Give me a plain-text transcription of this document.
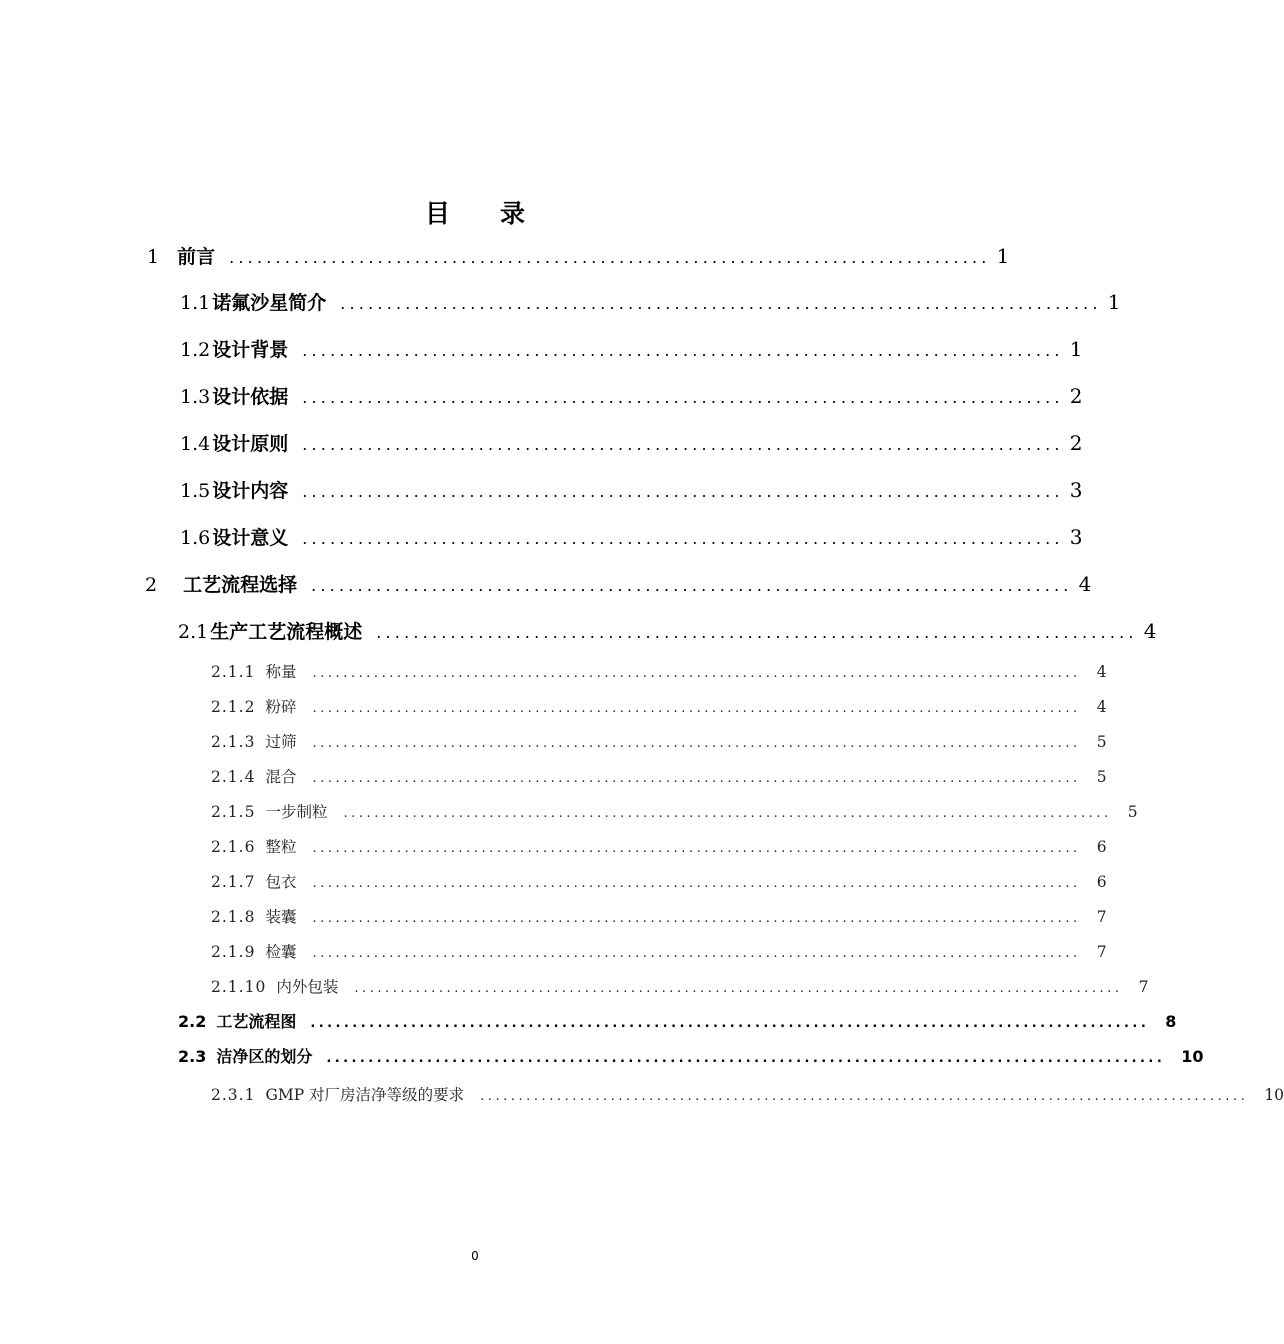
目录
1 前言 .................................................................................. 1
1.1 诺氟沙星简介 .................................................................................. 1
1.2 设计背景 .................................................................................. 1
1.3 设计依据 .................................................................................. 2
1.4 设计原则 .................................................................................. 2
1.5 设计内容 .................................................................................. 3
1.6 设计意义 .................................................................................. 3
2 工艺流程选择 .................................................................................. 4
2.1 生产工艺流程概述 .................................................................................. 4
2.1.1 称量 .................................................................................................... 4
2.1.2 粉碎 .................................................................................................... 4
2.1.3 过筛 .................................................................................................... 5
2.1.4 混合 .................................................................................................... 5
2.1.5 一步制粒 .................................................................................................... 5
2.1.6 整粒 .................................................................................................... 6
2.1.7 包衣 .................................................................................................... 6
2.1.8 装囊 .................................................................................................... 7
2.1.9 检囊 .................................................................................................... 7
2.1.10 内外包装 .................................................................................................... 7
2.2 工艺流程图 .................................................................................................... 8
2.3 洁净区的划分 .................................................................................................... 10
2.3.1 GMP 对厂房洁净等级的要求 .................................................................................................... 10
0
